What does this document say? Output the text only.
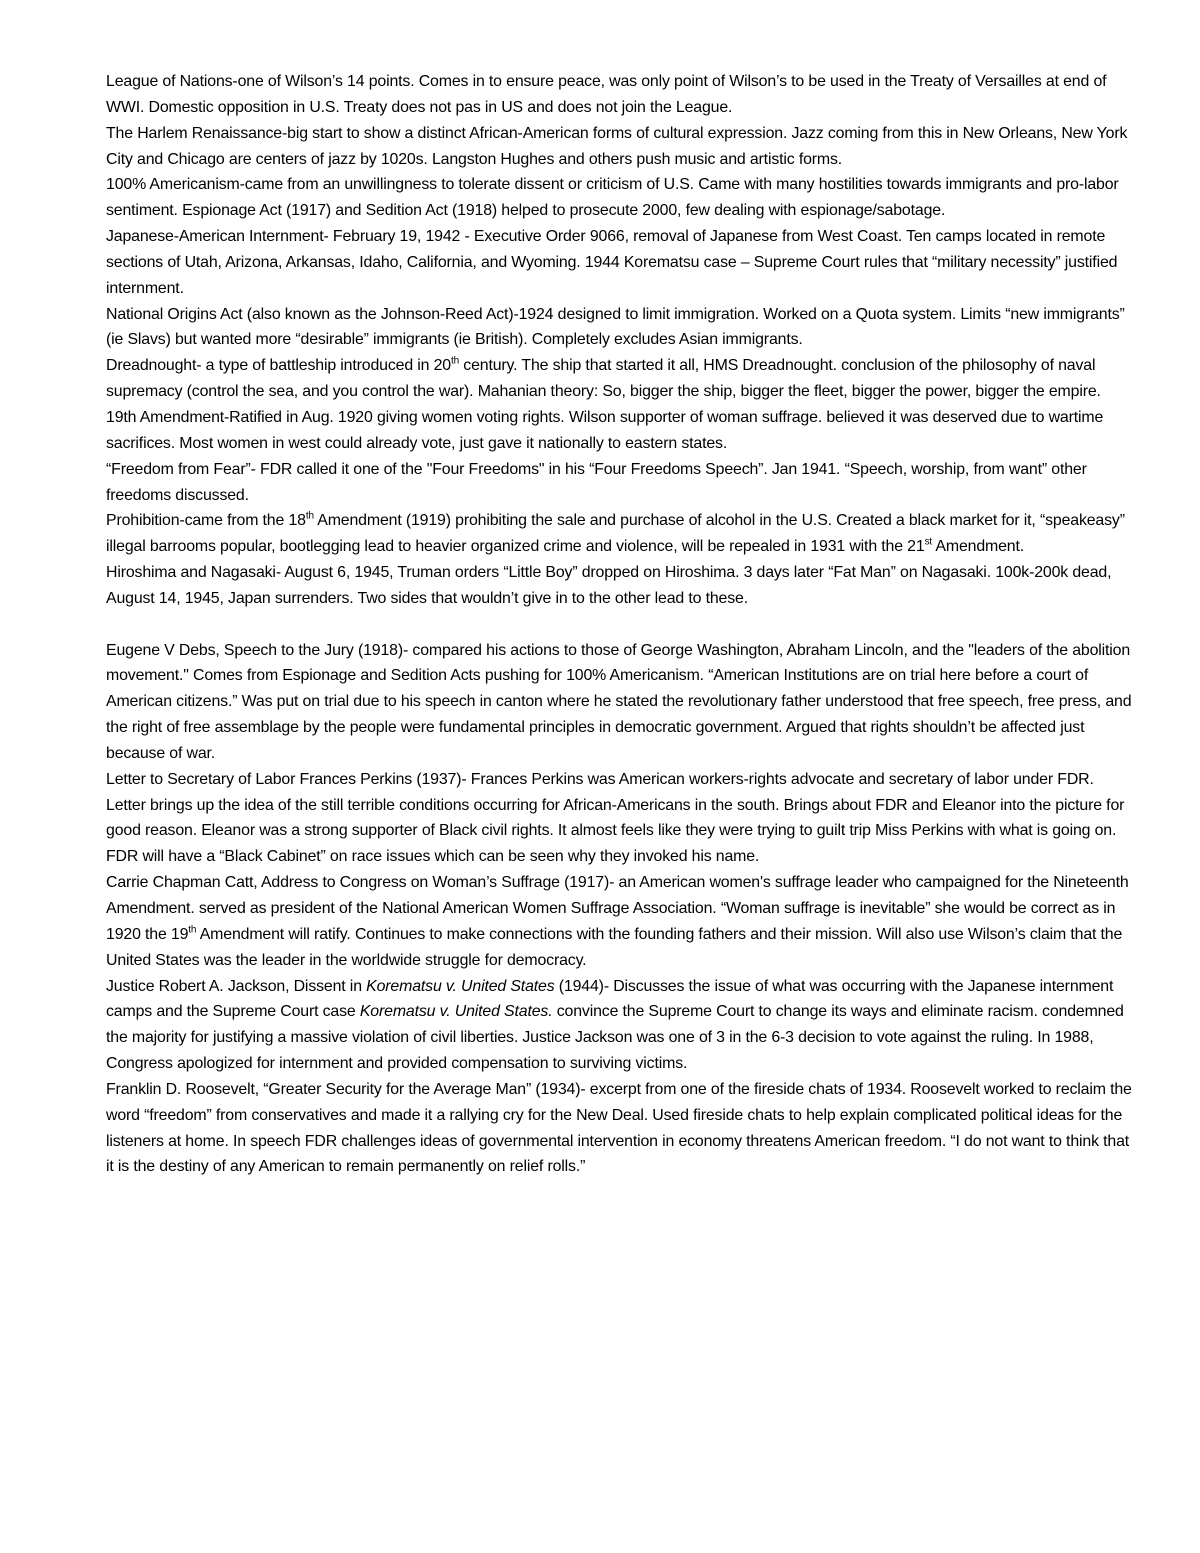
League of Nations-one of Wilson’s 14 points. Comes in to ensure peace, was only point of Wilson’s to be used in the Treaty of Versailles at end of WWI. Domestic opposition in U.S. Treaty does not pas in US and does not join the League.

The Harlem Renaissance-big start to show a distinct African-American forms of cultural expression. Jazz coming from this in New Orleans, New York City and Chicago are centers of jazz by 1020s. Langston Hughes and others push music and artistic forms.

100% Americanism-came from an unwillingness to tolerate dissent or criticism of U.S. Came with many hostilities towards immigrants and pro-labor sentiment. Espionage Act (1917) and Sedition Act (1918) helped to prosecute 2000, few dealing with espionage/sabotage.

Japanese-American Internment- February 19, 1942 - Executive Order 9066, removal of Japanese from West Coast. Ten camps located in remote sections of Utah, Arizona, Arkansas, Idaho, California, and Wyoming. 1944 Korematsu case – Supreme Court rules that “military necessity” justified internment.

National Origins Act (also known as the Johnson-Reed Act)-1924 designed to limit immigration. Worked on a Quota system. Limits “new immigrants” (ie Slavs) but wanted more “desirable” immigrants (ie British). Completely excludes Asian immigrants.

Dreadnought- a type of battleship introduced in 20th century. The ship that started it all, HMS Dreadnought. conclusion of the philosophy of naval supremacy (control the sea, and you control the war). Mahanian theory: So, bigger the ship, bigger the fleet, bigger the power, bigger the empire.

19th Amendment-Ratified in Aug. 1920 giving women voting rights. Wilson supporter of woman suffrage. believed it was deserved due to wartime sacrifices. Most women in west could already vote, just gave it nationally to eastern states.

“Freedom from Fear”- FDR called it one of the "Four Freedoms" in his “Four Freedoms Speech”. Jan 1941. “Speech, worship, from want” other freedoms discussed.

Prohibition-came from the 18th Amendment (1919) prohibiting the sale and purchase of alcohol in the U.S. Created a black market for it, “speakeasy” illegal barrooms popular, bootlegging lead to heavier organized crime and violence, will be repealed in 1931 with the 21st Amendment.

Hiroshima and Nagasaki- August 6, 1945, Truman orders “Little Boy” dropped on Hiroshima. 3 days later “Fat Man” on Nagasaki. 100k-200k dead, August 14, 1945, Japan surrenders. Two sides that wouldn’t give in to the other lead to these.

Eugene V Debs, Speech to the Jury (1918)- compared his actions to those of George Washington, Abraham Lincoln, and the "leaders of the abolition movement." Comes from Espionage and Sedition Acts pushing for 100% Americanism. “American Institutions are on trial here before a court of American citizens.” Was put on trial due to his speech in canton where he stated the revolutionary father understood that free speech, free press, and the right of free assemblage by the people were fundamental principles in democratic government. Argued that rights shouldn’t be affected just because of war.

Letter to Secretary of Labor Frances Perkins (1937)- Frances Perkins was American workers-rights advocate and secretary of labor under FDR. Letter brings up the idea of the still terrible conditions occurring for African-Americans in the south. Brings about FDR and Eleanor into the picture for good reason. Eleanor was a strong supporter of Black civil rights. It almost feels like they were trying to guilt trip Miss Perkins with what is going on. FDR will have a “Black Cabinet” on race issues which can be seen why they invoked his name.

Carrie Chapman Catt, Address to Congress on Woman’s Suffrage (1917)- an American women's suffrage leader who campaigned for the Nineteenth Amendment. served as president of the National American Women Suffrage Association. “Woman suffrage is inevitable” she would be correct as in 1920 the 19th Amendment will ratify. Continues to make connections with the founding fathers and their mission. Will also use Wilson’s claim that the United States was the leader in the worldwide struggle for democracy.

Justice Robert A. Jackson, Dissent in Korematsu v. United States (1944)- Discusses the issue of what was occurring with the Japanese internment camps and the Supreme Court case Korematsu v. United States. convince the Supreme Court to change its ways and eliminate racism. condemned the majority for justifying a massive violation of civil liberties. Justice Jackson was one of 3 in the 6-3 decision to vote against the ruling. In 1988, Congress apologized for internment and provided compensation to surviving victims.

Franklin D. Roosevelt, “Greater Security for the Average Man” (1934)- excerpt from one of the fireside chats of 1934. Roosevelt worked to reclaim the word “freedom” from conservatives and made it a rallying cry for the New Deal. Used fireside chats to help explain complicated political ideas for the listeners at home. In speech FDR challenges ideas of governmental intervention in economy threatens American freedom. “I do not want to think that it is the destiny of any American to remain permanently on relief rolls.”
